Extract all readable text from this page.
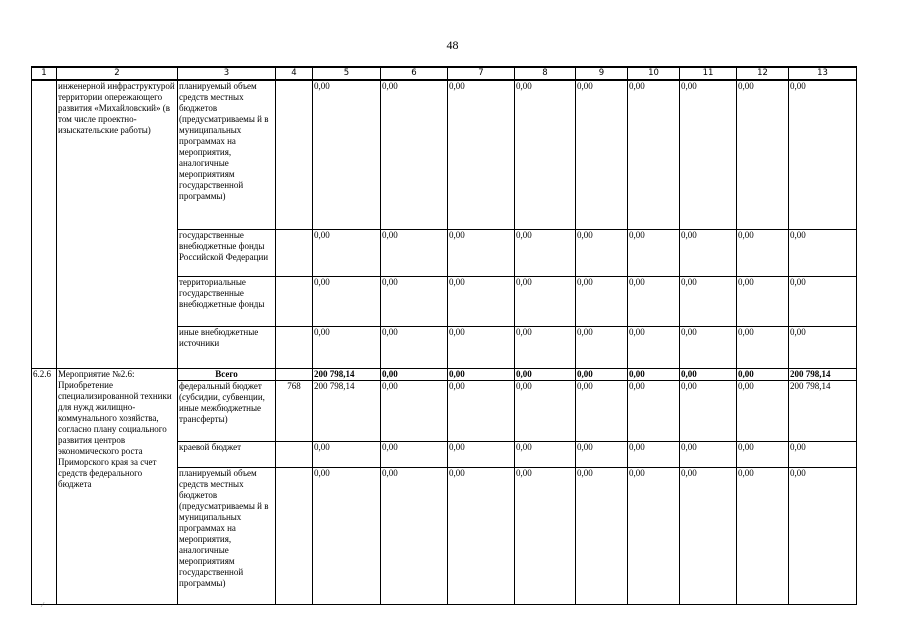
48
1	2	3	4	5	6	7	8	9	10	11	12	13
	инженерной инфраструктурой территории опережающего развития «Михайловский» (в том числе проектно-изыскательские работы)	планируемый объем средств местных бюджетов (предусматриваемы й в муниципальных программах на мероприятия, аналогичные мероприятиям государственной программы)		0,00	0,00	0,00	0,00	0,00	0,00	0,00	0,00	0,00
		государственные внебюджетные фонды Российской Федерации		0,00	0,00	0,00	0,00	0,00	0,00	0,00	0,00	0,00
		территориальные государственные внебюджетные фонды		0,00	0,00	0,00	0,00	0,00	0,00	0,00	0,00	0,00
		иные внебюджетные источники		0,00	0,00	0,00	0,00	0,00	0,00	0,00	0,00	0,00
6.2.6	Мероприятие №2.6: Приобретение специализированной техники для нужд жилищно-коммунального хозяйства, согласно плану социального развития центров экономического роста Приморского края за счет средств федерального бюджета	Всего		200 798,14	0,00	0,00	0,00	0,00	0,00	0,00	0,00	200 798,14
		федеральный бюджет (субсидии, субвенции, иные межбюджетные трансферты)	768	200 798,14	0,00	0,00	0,00	0,00	0,00	0,00	0,00	200 798,14
		краевой бюджет		0,00	0,00	0,00	0,00	0,00	0,00	0,00	0,00	0,00
		планируемый объем средств местных бюджетов (предусматриваемы й в муниципальных программах на мероприятия, аналогичные мероприятиям государственной программы)		0,00	0,00	0,00	0,00	0,00	0,00	0,00	0,00	0,00
⁄
